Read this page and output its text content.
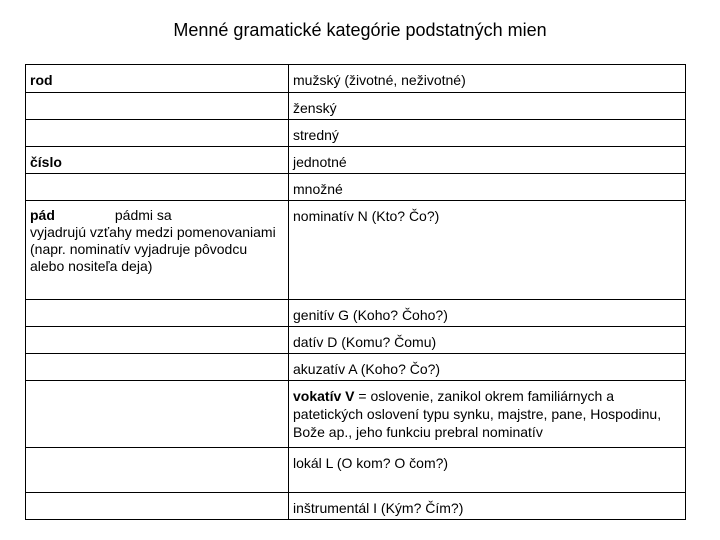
Menné gramatické kategórie podstatných mien
rod	mužský (životné, neživotné)
	ženský
	stredný
číslo	jednotné
	množné
pád pádmi sa
vyjadrujú vzťahy medzi pomenovaniami (napr. nominatív vyjadruje pôvodcu alebo nositeľa deja)	nominatív N (Kto? Čo?)
	genitív G (Koho? Čoho?)
	datív D (Komu? Čomu)
	akuzatív A (Koho? Čo?)
	vokatív V = oslovenie, zanikol okrem familiárnych a patetických oslovení typu synku, majstre, pane, Hospodinu, Bože ap., jeho funkciu prebral nominatív
	lokál L (O kom? O čom?)
	inštrumentál I (Kým? Čím?)
